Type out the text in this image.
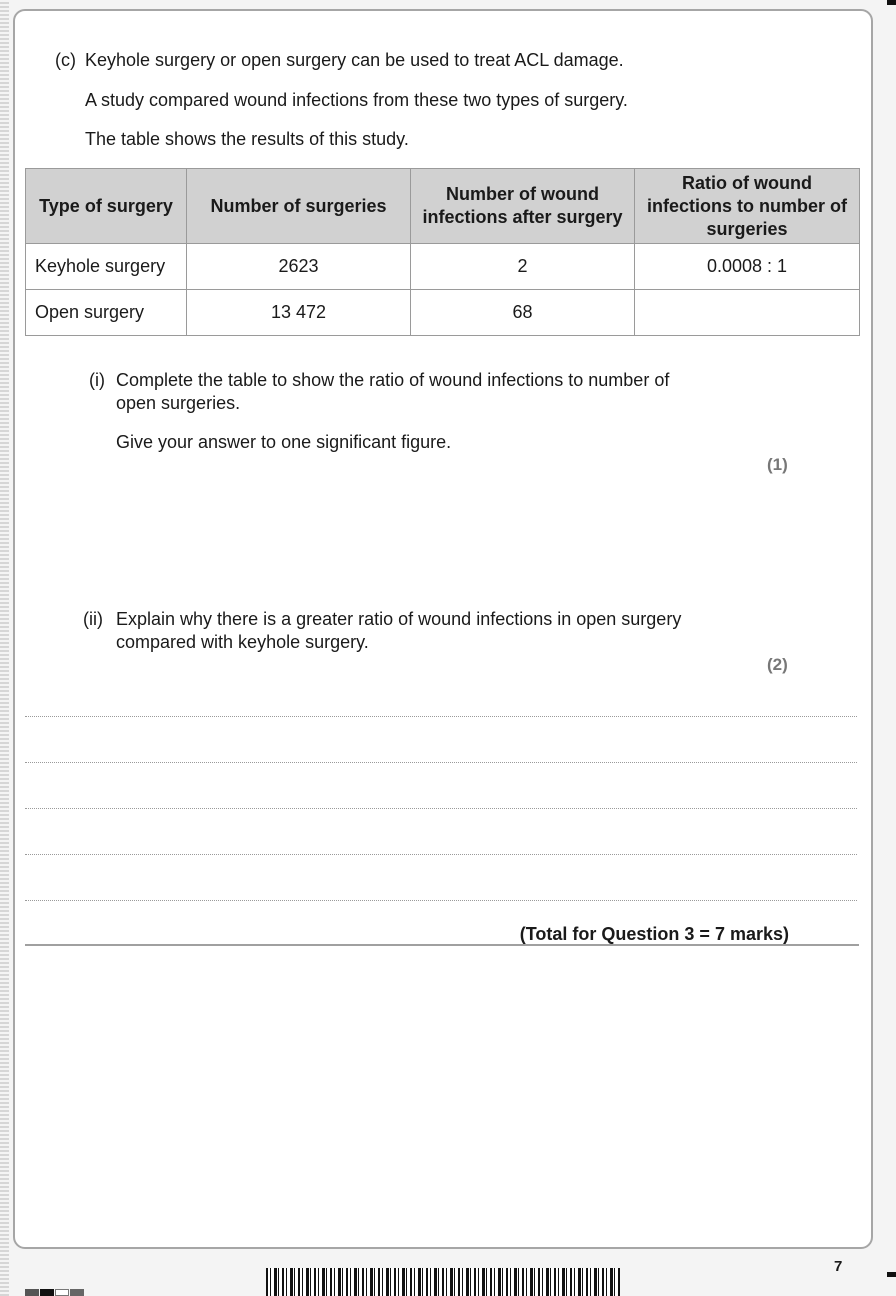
(c) Keyhole surgery or open surgery can be used to treat ACL damage.
A study compared wound infections from these two types of surgery.
The table shows the results of this study.
Type of surgery	Number of surgeries	Number of wound infections after surgery	Ratio of wound infections to number of surgeries
Keyhole surgery	2623	2	0.0008 : 1
Open surgery	13 472	68	
(i) Complete the table to show the ratio of wound infections to number of
open surgeries.
Give your answer to one significant figure.
(1)
(ii) Explain why there is a greater ratio of wound infections in open surgery
compared with keyhole surgery.
(2)
(Total for Question 3 = 7 marks)
7
